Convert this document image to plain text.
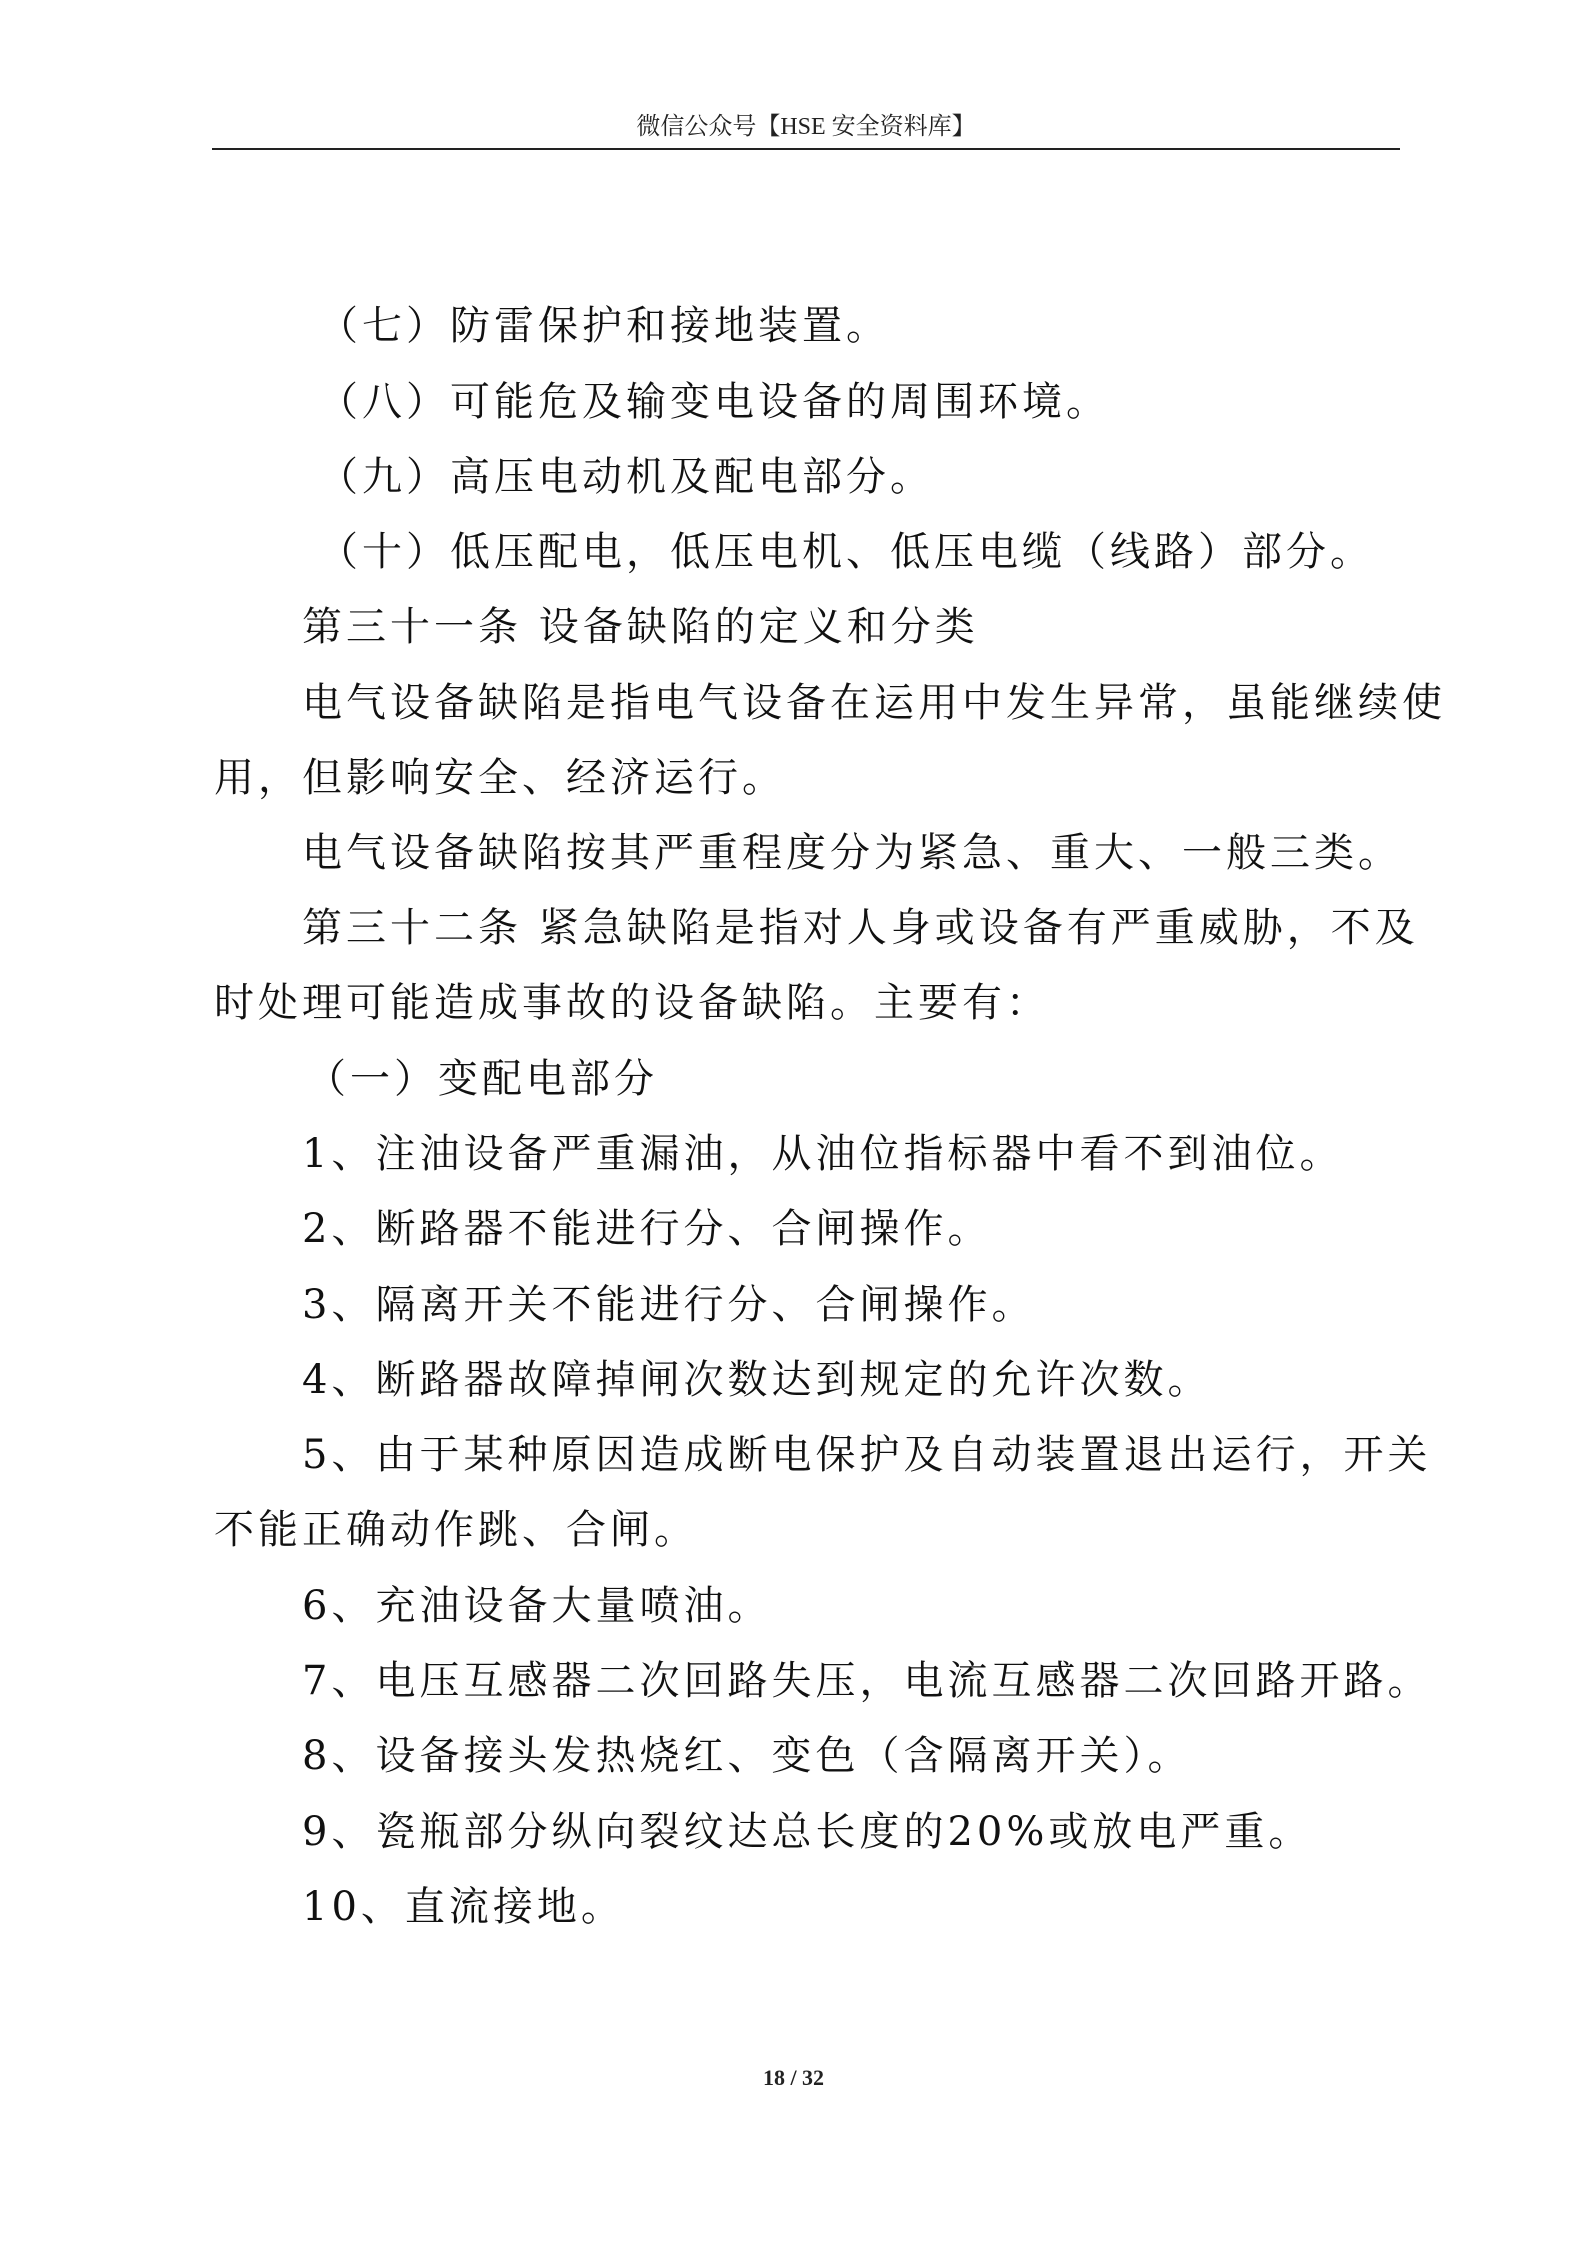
微信公众号【HSE 安全资料库】
（七）防雷保护和接地装置。
（八）可能危及输变电设备的周围环境。
（九）高压电动机及配电部分。
（十）低压配电，低压电机、低压电缆（线路）部分。
第三十一条 设备缺陷的定义和分类
电气设备缺陷是指电气设备在运用中发生异常，虽能继续使
用，但影响安全、经济运行。
电气设备缺陷按其严重程度分为紧急、重大、一般三类。
第三十二条 紧急缺陷是指对人身或设备有严重威胁，不及
时处理可能造成事故的设备缺陷。主要有：
（一）变配电部分
1、注油设备严重漏油，从油位指标器中看不到油位。
2、断路器不能进行分、合闸操作。
3、隔离开关不能进行分、合闸操作。
4、断路器故障掉闸次数达到规定的允许次数。
5、由于某种原因造成断电保护及自动装置退出运行，开关
不能正确动作跳、合闸。
6、充油设备大量喷油。
7、电压互感器二次回路失压，电流互感器二次回路开路。
8、设备接头发热烧红、变色（含隔离开关）。
9、瓷瓶部分纵向裂纹达总长度的20%或放电严重。
10、直流接地。
18 / 32
